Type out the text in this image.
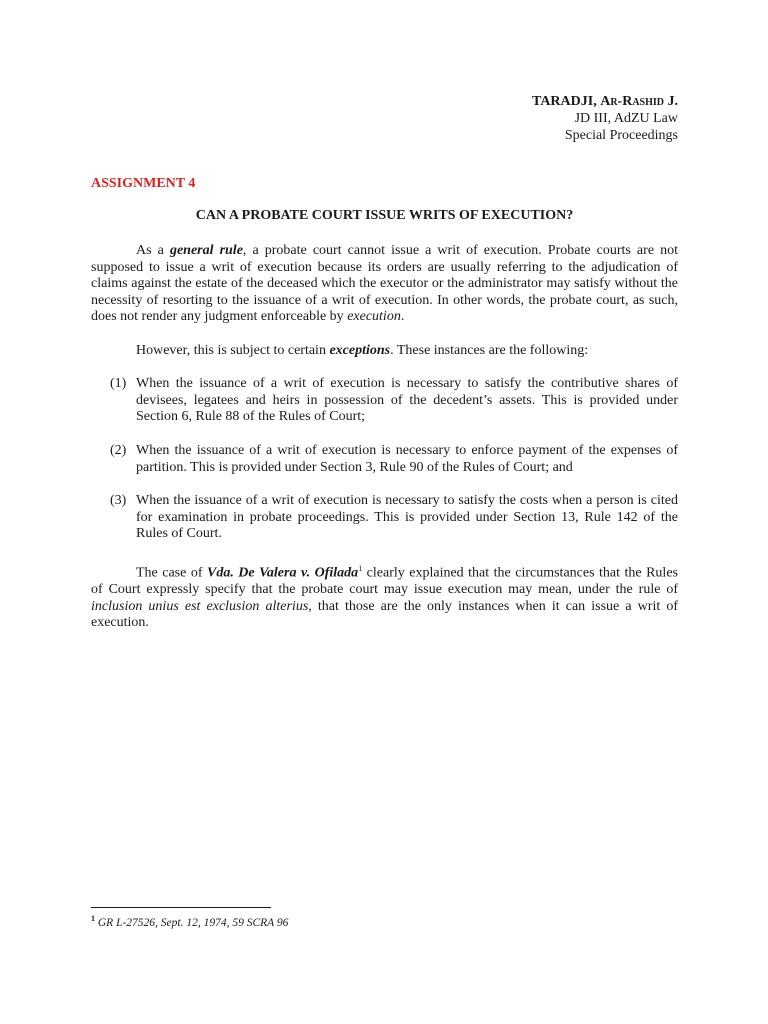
TARADJI, Ar-Rashid J.
JD III, AdZU Law
Special Proceedings
ASSIGNMENT 4
CAN A PROBATE COURT ISSUE WRITS OF EXECUTION?

As a general rule, a probate court cannot issue a writ of execution. Probate courts are not supposed to issue a writ of execution because its orders are usually referring to the adjudication of claims against the estate of the deceased which the executor or the administrator may satisfy without the necessity of resorting to the issuance of a writ of execution. In other words, the probate court, as such, does not render any judgment enforceable by execution.

However, this is subject to certain exceptions. These instances are the following:

(1) When the issuance of a writ of execution is necessary to satisfy the contributive shares of devisees, legatees and heirs in possession of the decedent’s assets. This is provided under Section 6, Rule 88 of the Rules of Court;
(2) When the issuance of a writ of execution is necessary to enforce payment of the expenses of partition. This is provided under Section 3, Rule 90 of the Rules of Court; and
(3) When the issuance of a writ of execution is necessary to satisfy the costs when a person is cited for examination in probate proceedings. This is provided under Section 13, Rule 142 of the Rules of Court.

The case of Vda. De Valera v. Ofilada$^1$ clearly explained that the circumstances that the Rules of Court expressly specify that the probate court may issue execution may mean, under the rule of inclusion unius est exclusion alterius, that those are the only instances when it can issue a writ of execution.

$^1$ GR L-27526, Sept. 12, 1974, 59 SCRA 96
